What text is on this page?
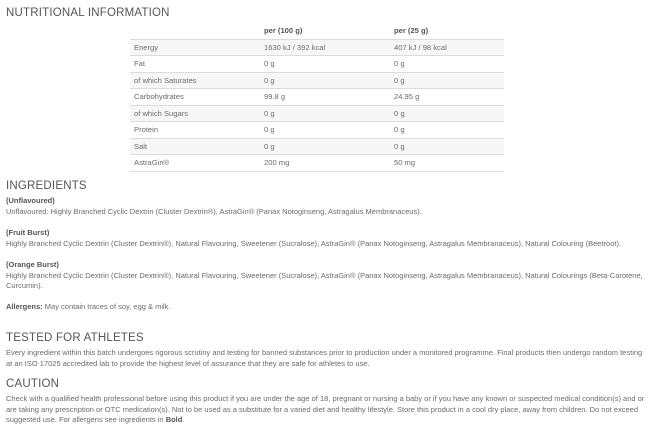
NUTRITIONAL INFORMATION
	per (100 g)	per (25 g)
Energy	1630 kJ / 392 kcal	407 kJ / 98 kcal
Fat	0 g	0 g
of which Saturates	0 g	0 g
Carbohydrates	99.8 g	24.95 g
of which Sugars	0 g	0 g
Protein	0 g	0 g
Salt	0 g	0 g
AstraGin®	200 mg	50 mg
INGREDIENTS

(Unflavoured)

Unflavoured: Highly Branched Cyclic Dextrin (Cluster Dextrin®), AstraGin® (Panax Notoginseng, Astragalus Membranaceus).

(Fruit Burst)

Highly Branched Cyclic Dextrin (Cluster Dextrin®), Natural Flavouring, Sweetener (Sucralose), AstraGin® (Panax Notoginseng, Astragalus Membranaceus), Natural Colouring (Beetroot).

(Orange Burst)

Highly Branched Cyclic Dextrin (Cluster Dextrin®), Natural Flavouring, Sweetener (Sucralose), AstraGin® (Panax Notoginseng, Astragalus Membranaceus), Natural Colourings (Beta-Carotene, Curcumin).

Allergens: May contain traces of soy, egg & milk.

TESTED FOR ATHLETES

Every ingredient within this batch undergoes rigorous scrutiny and testing for banned substances prior to production under a monitored programme. Final products then undergo random testing at an ISO 17025 accredited lab to provide the highest level of assurance that they are safe for athletes to use.

CAUTION

Check with a qualified health professional before using this product if you are under the age of 18, pregnant or nursing a baby or if you have any known or suspected medical condition(s) and or are taking any prescription or OTC medication(s). Not to be used as a substitute for a varied diet and healthy lifestyle. Store this product in a cool dry place, away from children. Do not exceed suggested use. For allergens see ingredients in Bold.
